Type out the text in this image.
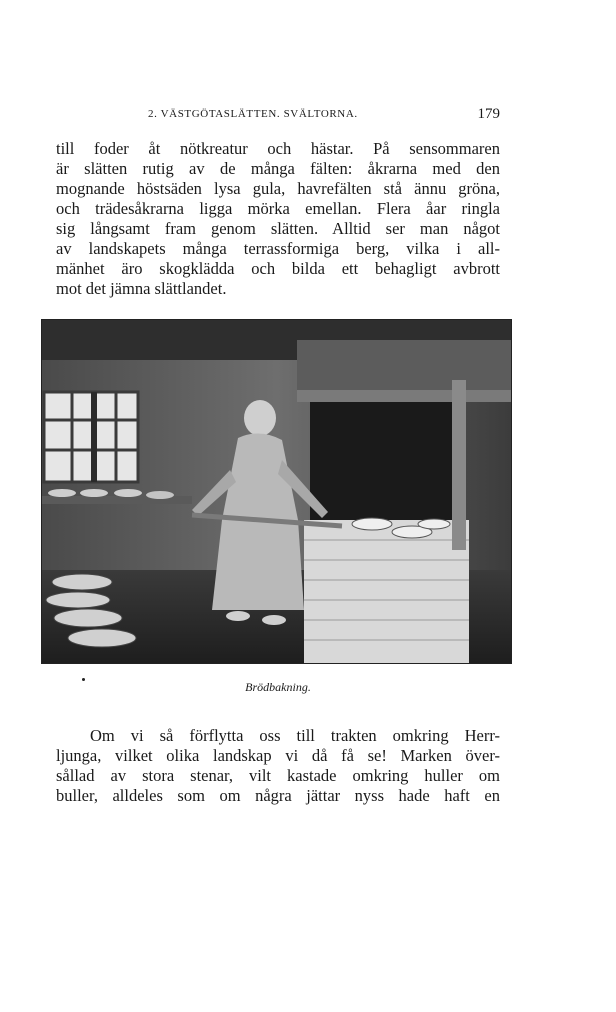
2. VÄSTGÖTASLÄTTEN. SVÄLTORNA.	179

till foder åt nötkreatur och hästar. På sensommaren
är slätten rutig av de många fälten: åkrarna med den
mognande höstsäden lysa gula, havrefälten stå ännu gröna,
och trädesåkrarna ligga mörka emellan. Flera åar ringla
sig långsamt fram genom slätten. Alltid ser man något
av landskapets många terrassformiga berg, vilka i all-
mänhet äro skogklädda och bilda ett behagligt avbrott
mot det jämna slättlandet.

Brödbakning.

Om vi så förflytta oss till trakten omkring Herr-
ljunga, vilket olika landskap vi då få se! Marken över-
sållad av stora stenar, vilt kastade omkring huller om
buller, alldeles som om några jättar nyss hade haft en
